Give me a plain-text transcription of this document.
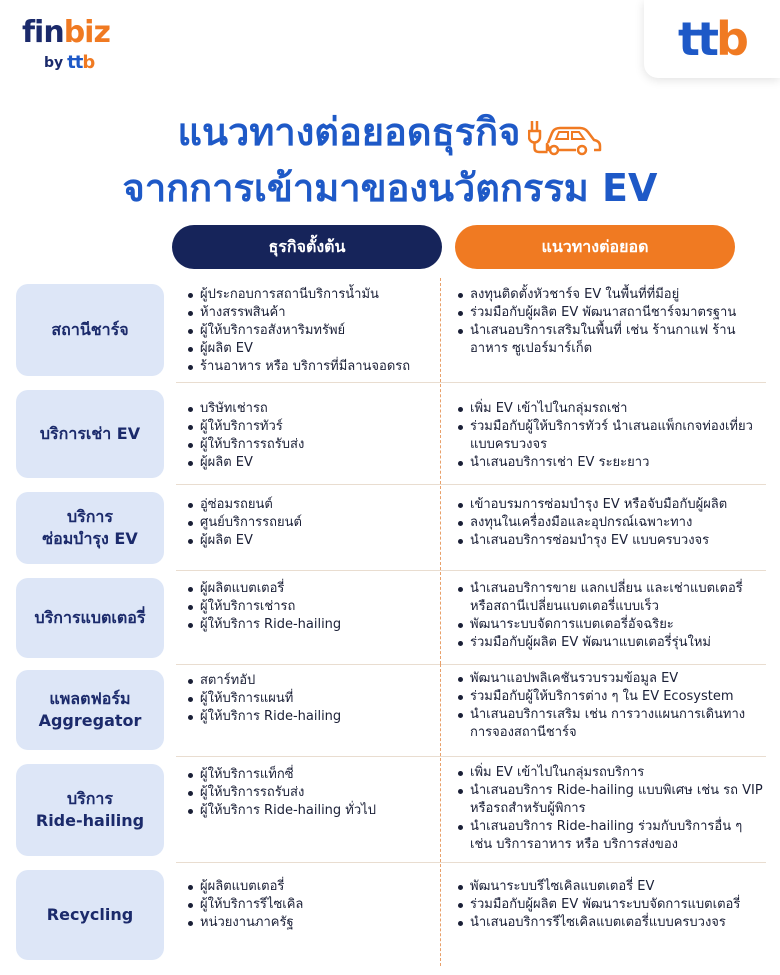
finbiz
by ttb	ttb
แนวทางต่อยอดธุรกิจ
จากการเข้ามาของนวัตกรรม EV
ธุรกิจตั้งต้น	แนวทางต่อยอด
สถานีชาร์จ
ผู้ประกอบการสถานีบริการน้ำมัน
ห้างสรรพสินค้า
ผู้ให้บริการอสังหาริมทรัพย์
ผู้ผลิต EV
ร้านอาหาร หรือ บริการที่มีลานจอดรถ
ลงทุนติดตั้งหัวชาร์จ EV ในพื้นที่ที่มีอยู่
ร่วมมือกับผู้ผลิต EV พัฒนาสถานีชาร์จมาตรฐาน
นำเสนอบริการเสริมในพื้นที่ เช่น ร้านกาแฟ ร้านอาหาร ซูเปอร์มาร์เก็ต
บริการเช่า EV
บริษัทเช่ารถ
ผู้ให้บริการทัวร์
ผู้ให้บริการรถรับส่ง
ผู้ผลิต EV
เพิ่ม EV เข้าไปในกลุ่มรถเช่า
ร่วมมือกับผู้ให้บริการทัวร์ นำเสนอแพ็กเกจท่องเที่ยวแบบครบวงจร
นำเสนอบริการเช่า EV ระยะยาว
บริการ
ซ่อมบำรุง EV
อู่ซ่อมรถยนต์
ศูนย์บริการรถยนต์
ผู้ผลิต EV
เข้าอบรมการซ่อมบำรุง EV หรือจับมือกับผู้ผลิต
ลงทุนในเครื่องมือและอุปกรณ์เฉพาะทาง
นำเสนอบริการซ่อมบำรุง EV แบบครบวงจร
บริการแบตเตอรี่
ผู้ผลิตแบตเตอรี่
ผู้ให้บริการเช่ารถ
ผู้ให้บริการ Ride-hailing
นำเสนอบริการขาย แลกเปลี่ยน และเช่าแบตเตอรี่ หรือสถานีเปลี่ยนแบตเตอรี่แบบเร็ว
พัฒนาระบบจัดการแบตเตอรี่อัจฉริยะ
ร่วมมือกับผู้ผลิต EV พัฒนาแบตเตอรี่รุ่นใหม่
แพลตฟอร์ม
Aggregator
สตาร์ทอัป
ผู้ให้บริการแผนที่
ผู้ให้บริการ Ride-hailing
พัฒนาแอปพลิเคชันรวบรวมข้อมูล EV
ร่วมมือกับผู้ให้บริการต่าง ๆ ใน EV Ecosystem
นำเสนอบริการเสริม เช่น การวางแผนการเดินทาง การจองสถานีชาร์จ
บริการ
Ride-hailing
ผู้ให้บริการแท็กซี่
ผู้ให้บริการรถรับส่ง
ผู้ให้บริการ Ride-hailing ทั่วไป
เพิ่ม EV เข้าไปในกลุ่มรถบริการ
นำเสนอบริการ Ride-hailing แบบพิเศษ เช่น รถ VIP หรือรถสำหรับผู้พิการ
นำเสนอบริการ Ride-hailing ร่วมกับบริการอื่น ๆ เช่น บริการอาหาร หรือ บริการส่งของ
Recycling
ผู้ผลิตแบตเตอรี่
ผู้ให้บริการรีไซเคิล
หน่วยงานภาครัฐ
พัฒนาระบบรีไซเคิลแบตเตอรี่ EV
ร่วมมือกับผู้ผลิต EV พัฒนาระบบจัดการแบตเตอรี่
นำเสนอบริการรีไซเคิลแบตเตอรี่แบบครบวงจร
